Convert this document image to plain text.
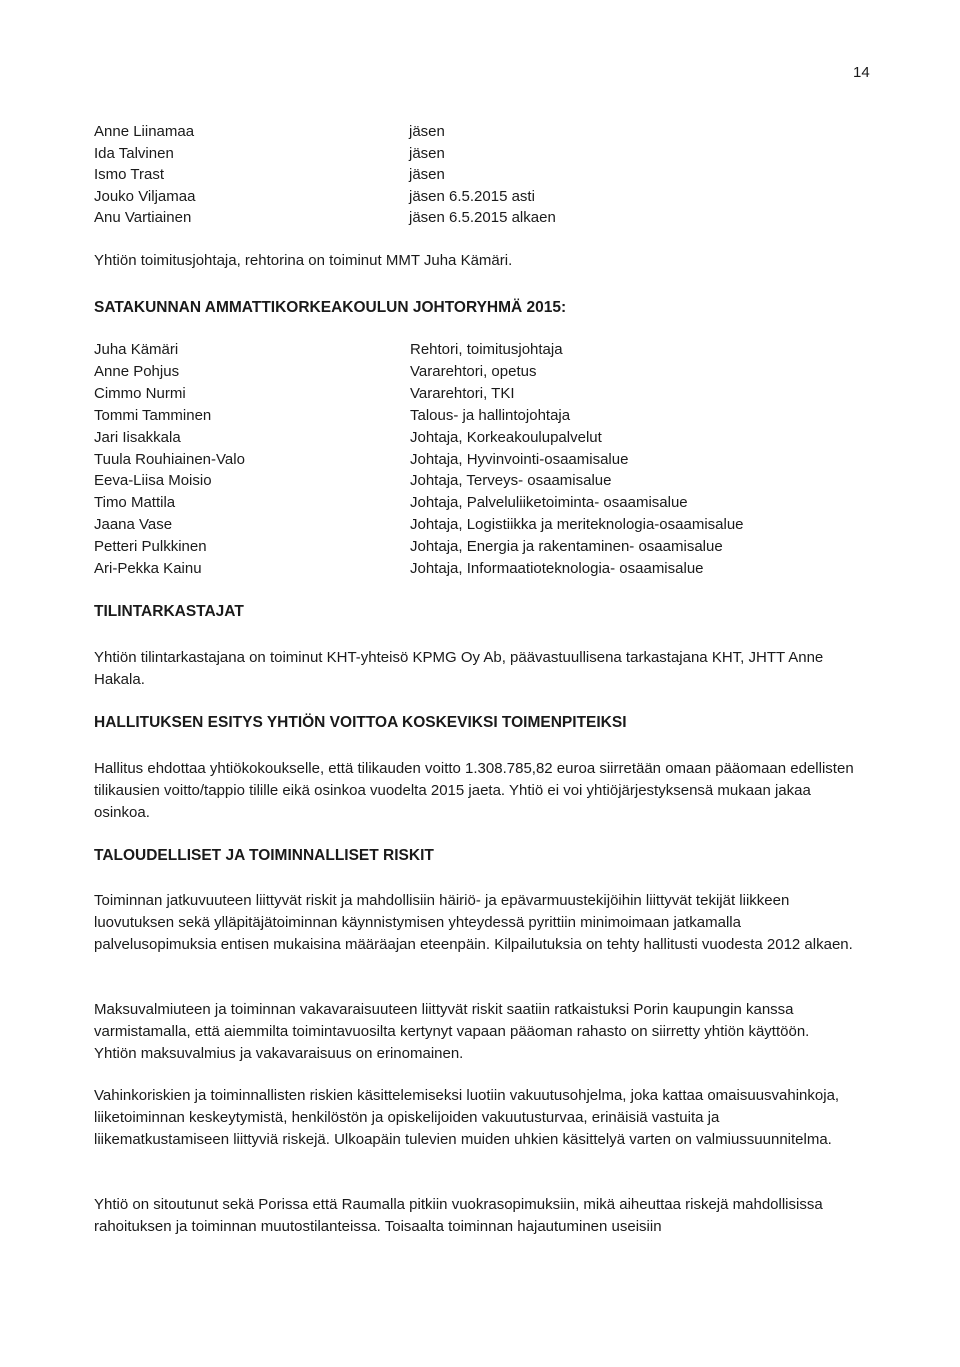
14
Anne Liinamaa	jäsen
Ida Talvinen	jäsen
Ismo Trast	jäsen
Jouko Viljamaa	jäsen 6.5.2015 asti
Anu Vartiainen	jäsen 6.5.2015 alkaen
Yhtiön toimitusjohtaja, rehtorina on toiminut MMT Juha Kämäri.
SATAKUNNAN AMMATTIKORKEAKOULUN JOHTORYHMÄ 2015:
Juha Kämäri	Rehtori, toimitusjohtaja
Anne Pohjus	Vararehtori, opetus
Cimmo Nurmi	Vararehtori, TKI
Tommi Tamminen	Talous- ja hallintojohtaja
Jari Iisakkala	Johtaja, Korkeakoulupalvelut
Tuula Rouhiainen-Valo	Johtaja, Hyvinvointi-osaamisalue
Eeva-Liisa Moisio	Johtaja, Terveys- osaamisalue
Timo Mattila	Johtaja, Palveluliiketoiminta- osaamisalue
Jaana Vase	Johtaja, Logistiikka ja meriteknologia-osaamisalue
Petteri Pulkkinen	Johtaja, Energia ja rakentaminen- osaamisalue
Ari-Pekka Kainu	Johtaja, Informaatioteknologia- osaamisalue
TILINTARKASTAJAT

Yhtiön tilintarkastajana on toiminut KHT-yhteisö KPMG Oy Ab, päävastuullisena tarkastajana KHT, JHTT Anne Hakala.

HALLITUKSEN ESITYS YHTIÖN VOITTOA KOSKEVIKSI TOIMENPITEIKSI

Hallitus ehdottaa yhtiökokoukselle, että tilikauden voitto 1.308.785,82 euroa siirretään omaan pääomaan edellisten tilikausien voitto/tappio tilille eikä osinkoa vuodelta 2015 jaeta. Yhtiö ei voi yhtiöjärjestyksensä mukaan jakaa osinkoa.

TALOUDELLISET JA TOIMINNALLISET RISKIT

Toiminnan jatkuvuuteen liittyvät riskit ja mahdollisiin häiriö- ja epävarmuustekijöihin liittyvät tekijät liikkeen luovutuksen sekä ylläpitäjätoiminnan käynnistymisen yhteydessä pyrittiin minimoimaan jatkamalla palvelusopimuksia entisen mukaisina määräajan eteenpäin. Kilpailutuksia on tehty hallitusti vuodesta 2012 alkaen.

Maksuvalmiuteen ja toiminnan vakavaraisuuteen liittyvät riskit saatiin ratkaistuksi Porin kaupungin kanssa varmistamalla, että aiemmilta toimintavuosilta kertynyt vapaan pääoman rahasto on siirretty yhtiön käyttöön. Yhtiön maksuvalmius ja vakavaraisuus on erinomainen.

Vahinkoriskien ja toiminnallisten riskien käsittelemiseksi luotiin vakuutusohjelma, joka kattaa omaisuusvahinkoja, liiketoiminnan keskeytymistä, henkilöstön ja opiskelijoiden vakuutusturvaa, erinäisiä vastuita ja liikematkustamiseen liittyviä riskejä. Ulkoapäin tulevien muiden uhkien käsittelyä varten on valmiussuunnitelma.

Yhtiö on sitoutunut sekä Porissa että Raumalla pitkiin vuokrasopimuksiin, mikä aiheuttaa riskejä mahdollisissa rahoituksen ja toiminnan muutostilanteissa. Toisaalta toiminnan hajautuminen useisiin
